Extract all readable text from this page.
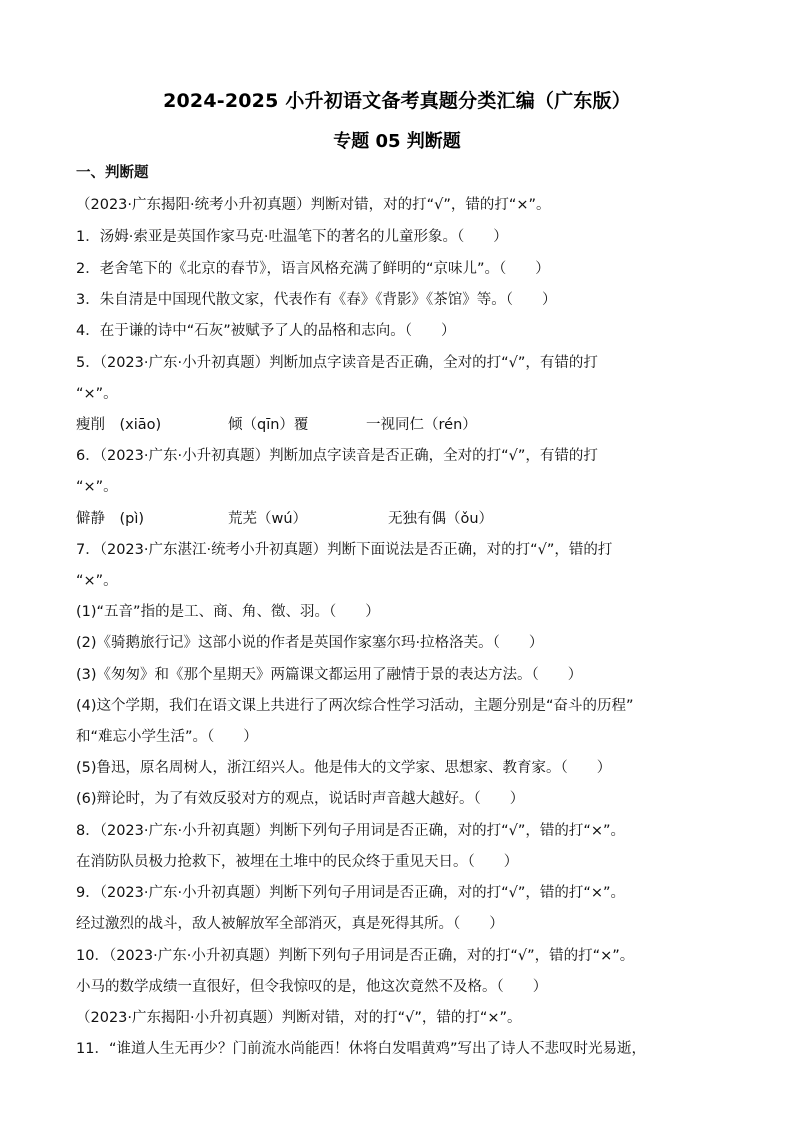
2024-2025 小升初语文备考真题分类汇编（广东版）
专题 05 判断题
一、判断题
（2023·广东揭阳·统考小升初真题）判断对错，对的打“√”，错的打“×”。
1．汤姆·索亚是英国作家马克·吐温笔下的著名的儿童形象。（　　）
2．老舍笔下的《北京的春节》，语言风格充满了鲜明的“京味儿”。（　　）
3．朱自清是中国现代散文家，代表作有《春》《背影》《茶馆》等。（　　）
4．在于谦的诗中“石灰”被赋予了人的品格和志向。（　　）
5．（2023·广东·小升初真题）判断加点字读音是否正确，全对的打“√”，有错的打
“×”。
瘦削　(xiāo)	倾（qīn）覆	一视同仁（rén）
6．（2023·广东·小升初真题）判断加点字读音是否正确，全对的打“√”，有错的打
“×”。
僻静　(pì)	荒芜（wú）	无独有偶（ǒu）
7．（2023·广东湛江·统考小升初真题）判断下面说法是否正确，对的打“√”，错的打
“×”。
(1)“五音”指的是工、商、角、徵、羽。（　　）
(2)《骑鹅旅行记》这部小说的作者是英国作家塞尔玛·拉格洛芙。（　　）
(3)《匆匆》和《那个星期天》两篇课文都运用了融情于景的表达方法。（　　）
(4)这个学期，我们在语文课上共进行了两次综合性学习活动，主题分别是“奋斗的历程”
和“难忘小学生活”。（　　）
(5)鲁迅，原名周树人，浙江绍兴人。他是伟大的文学家、思想家、教育家。（　　）
(6)辩论时，为了有效反驳对方的观点，说话时声音越大越好。（　　）
8．（2023·广东·小升初真题）判断下列句子用词是否正确，对的打“√”，错的打“×”。
在消防队员极力抢救下，被埋在土堆中的民众终于重见天日。（　　）
9．（2023·广东·小升初真题）判断下列句子用词是否正确，对的打“√”，错的打“×”。
经过激烈的战斗，敌人被解放军全部消灭，真是死得其所。（　　）
10．（2023·广东·小升初真题）判断下列句子用词是否正确，对的打“√”，错的打“×”。
小马的数学成绩一直很好，但令我惊叹的是，他这次竟然不及格。（　　）
（2023·广东揭阳·小升初真题）判断对错，对的打“√”，错的打“×”。
11．“谁道人生无再少？门前流水尚能西！休将白发唱黄鸡”写出了诗人不悲叹时光易逝，
